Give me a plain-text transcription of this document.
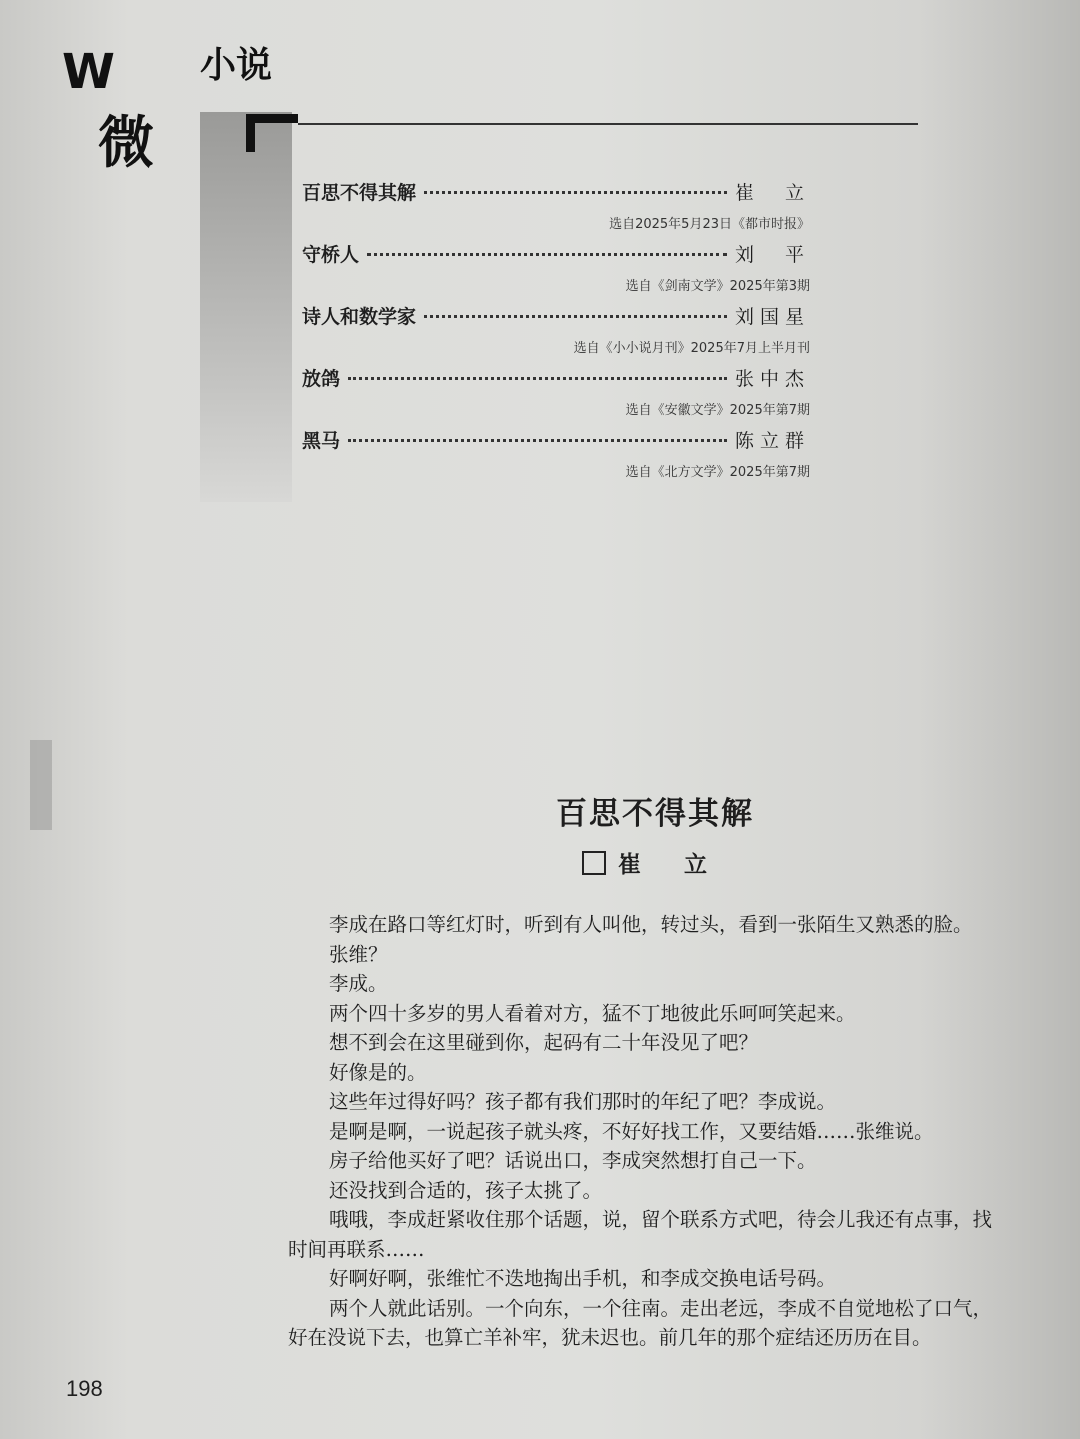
W
微
小说
百思不得其解	崔　立
选自2025年5月23日《都市时报》
守桥人	刘　平
选自《剑南文学》2025年第3期
诗人和数学家	刘国星
选自《小小说月刊》2025年7月上半月刊
放鸽	张中杰
选自《安徽文学》2025年第7期
黑马	陈立群
选自《北方文学》2025年第7期
百思不得其解
崔　立

李成在路口等红灯时，听到有人叫他，转过头，看到一张陌生又熟悉的脸。

张维？

李成。

两个四十多岁的男人看着对方，猛不丁地彼此乐呵呵笑起来。

想不到会在这里碰到你，起码有二十年没见了吧？

好像是的。

这些年过得好吗？孩子都有我们那时的年纪了吧？李成说。

是啊是啊，一说起孩子就头疼，不好好找工作，又要结婚……张维说。

房子给他买好了吧？话说出口，李成突然想打自己一下。

还没找到合适的，孩子太挑了。

哦哦，李成赶紧收住那个话题，说，留个联系方式吧，待会儿我还有点事，找时间再联系……

好啊好啊，张维忙不迭地掏出手机，和李成交换电话号码。

两个人就此话别。一个向东，一个往南。走出老远，李成不自觉地松了口气，好在没说下去，也算亡羊补牢，犹未迟也。前几年的那个症结还历历在目。

198
